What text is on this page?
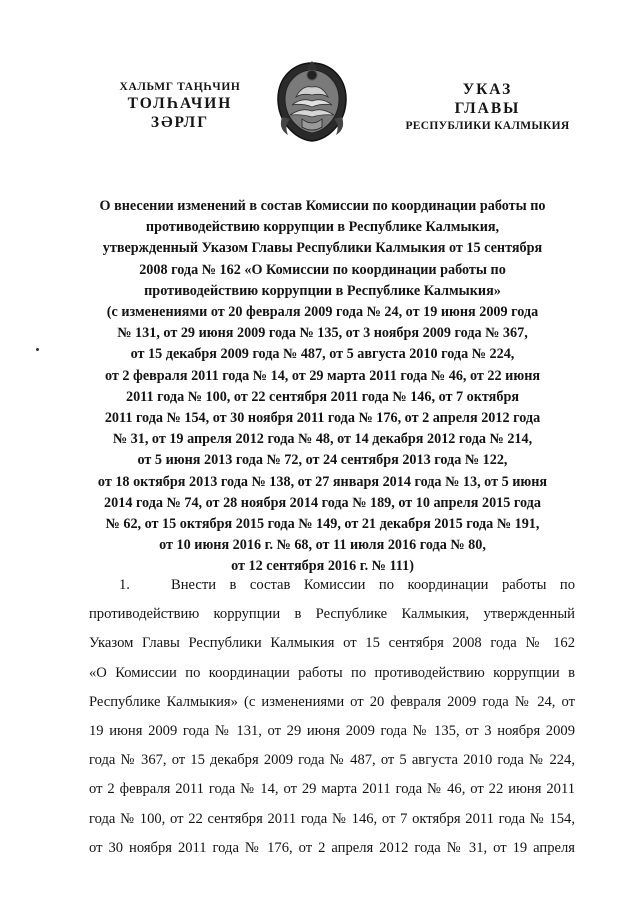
ХАЛЬМГ ТАҢҺЧИН
ТОЛҺАЧИН
ЗӘРЛГ
УКАЗ
ГЛАВЫ
РЕСПУБЛИКИ КАЛМЫКИЯ
О внесении изменений в состав Комиссии по координации работы по
противодействию коррупции в Республике Калмыкия,
утвержденный Указом Главы Республики Калмыкия от 15 сентября
2008 года № 162 «О Комиссии по координации работы по
противодействию коррупции в Республике Калмыкия»
(с изменениями от 20 февраля 2009 года № 24, от 19 июня 2009 года
№ 131, от 29 июня 2009 года № 135, от 3 ноября 2009 года № 367,
от 15 декабря 2009 года № 487, от 5 августа 2010 года № 224,
от 2 февраля 2011 года № 14, от 29 марта 2011 года № 46, от 22 июня
2011 года № 100, от 22 сентября 2011 года № 146, от 7 октября
2011 года № 154, от 30 ноября 2011 года № 176, от 2 апреля 2012 года
№ 31, от 19 апреля 2012 года № 48, от 14 декабря 2012 года № 214,
от 5 июня 2013 года № 72, от 24 сентября 2013 года № 122,
от 18 октября 2013 года № 138, от 27 января 2014 года № 13, от 5 июня
2014 года № 74, от 28 ноября 2014 года № 189, от 10 апреля 2015 года
№ 62, от 15 октября 2015 года № 149, от 21 декабря 2015 года № 191,
от 10 июня 2016 г. № 68, от 11 июля 2016 года № 80,
от 12 сентября 2016 г. № 111)
1.	Внести в состав Комиссии по координации работы по
противодействию коррупции в Республике Калмыкия, утвержденный
Указом Главы Республики Калмыкия от 15 сентября 2008 года № 162
«О Комиссии по координации работы по противодействию коррупции в
Республике Калмыкия» (с изменениями от 20 февраля 2009 года № 24, от
19 июня 2009 года № 131, от 29 июня 2009 года № 135, от 3 ноября 2009
года № 367, от 15 декабря 2009 года № 487, от 5 августа 2010 года № 224,
от 2 февраля 2011 года № 14, от 29 марта 2011 года № 46, от 22 июня 2011
года № 100, от 22 сентября 2011 года № 146, от 7 октября 2011 года № 154,
от 30 ноября 2011 года № 176, от 2 апреля 2012 года № 31, от 19 апреля
